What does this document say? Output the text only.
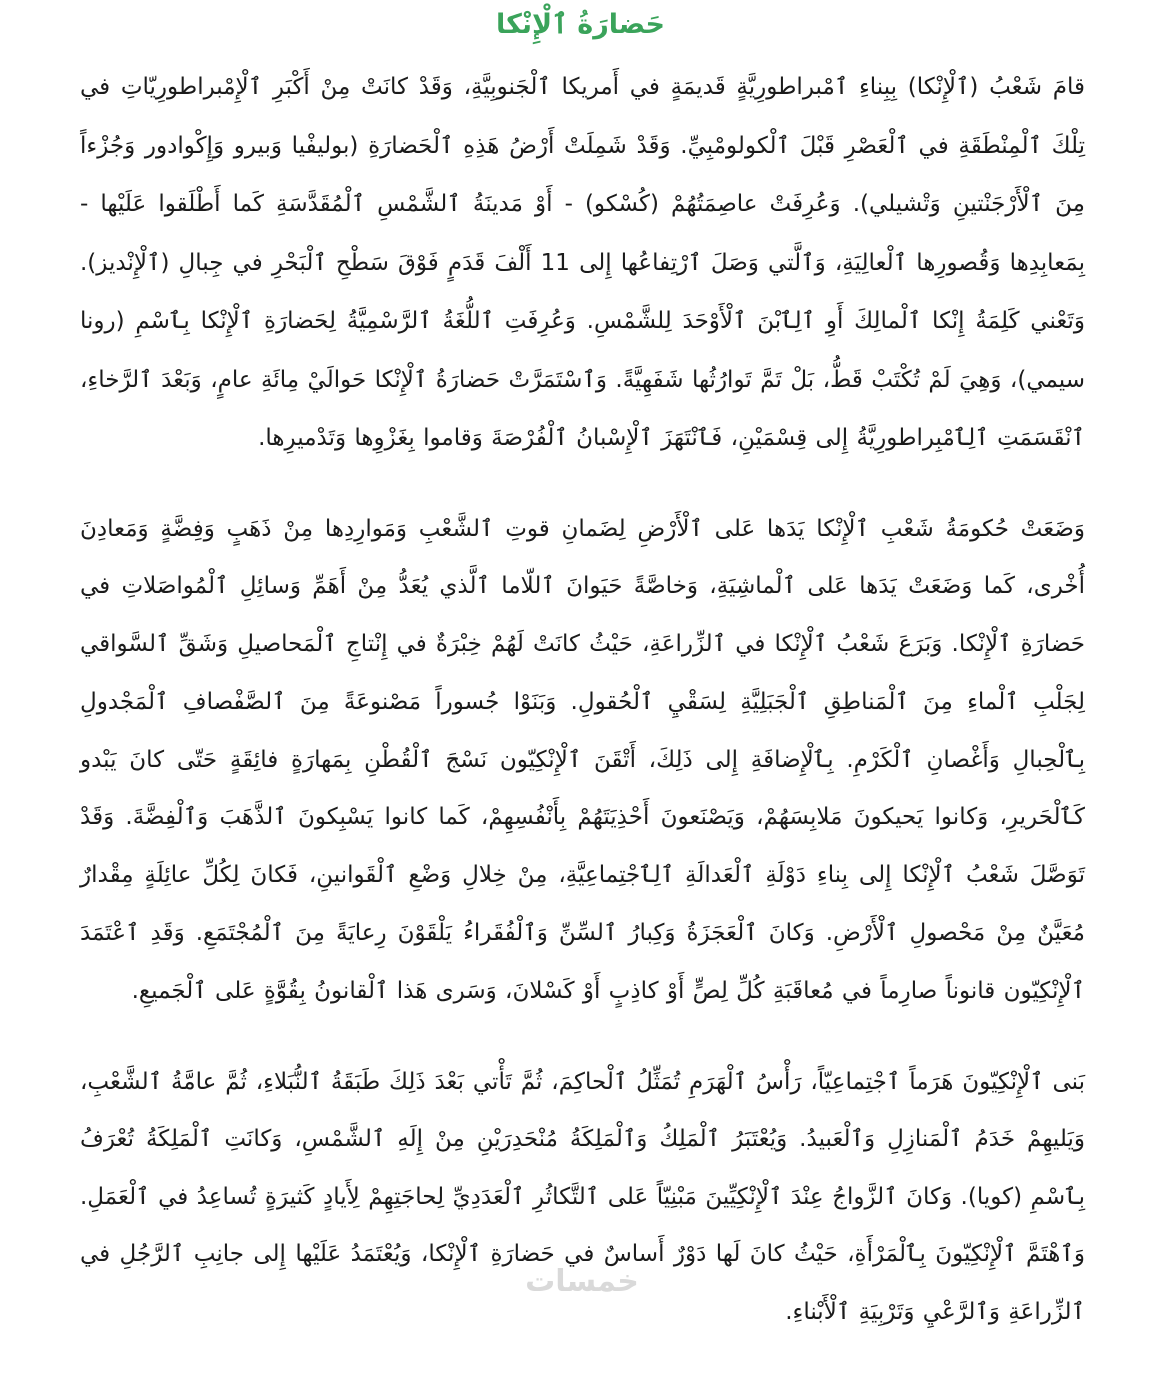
حَضارَةُ ٱلْإِنْكا

قامَ شَعْبُ (ٱلْإِنْكا) بِبِناءِ ٱمْبراطورِيَّةٍ قَديمَةٍ في أَمريكا ٱلْجَنوبِيَّةِ، وَقَدْ كانَتْ مِنْ أَكْبَرِ ٱلْإِمْبراطورِيّاتِ في تِلْكَ ٱلْمِنْطَقَةِ في ٱلْعَصْرِ قَبْلَ ٱلْكولومْبِيِّ. وَقَدْ شَمِلَتْ أَرْضُ هَذِهِ ٱلْحَضارَةِ (بوليفْيا وَبيرو وَإِكْوادور وَجُزْءاً مِنَ ٱلْأَرْجَنْتينِ وَتْشيلي). وَعُرِفَتْ عاصِمَتُهُمْ (كُسْكو) - أَوْ مَدينَةُ ٱلشَّمْسِ ٱلْمُقَدَّسَةِ كَما أَطْلَقوا عَلَيْها - بِمَعابِدِها وَقُصورِها ٱلْعالِيَةِ، وَٱلَّتي وَصَلَ ٱرْتِفاعُها إِلى 11 أَلْفَ قَدَمٍ فَوْقَ سَطْحِ ٱلْبَحْرِ في جِبالِ (ٱلْإِنْديز). وَتَعْني كَلِمَةُ إِنْكا ٱلْمالِكَ أَوِ ٱلِٱبْنَ ٱلْأَوْحَدَ لِلشَّمْسِ. وَعُرِفَتِ ٱللُّغَةُ ٱلرَّسْمِيَّةُ لِحَضارَةِ ٱلْإِنْكا بِٱسْمِ (رونا سيمي)، وَهِيَ لَمْ تُكْتَبْ قَطُّ، بَلْ تَمَّ تَوارُثُها شَفَهِيَّةً. وَٱسْتَمَرَّتْ حَضارَةُ ٱلْإِنْكا حَوالَيْ مِائَةِ عامٍ، وَبَعْدَ ٱلرَّخاءِ، ٱنْقَسَمَتِ ٱلِٱمْبِراطورِيَّةُ إِلى قِسْمَيْنِ، فَٱنْتَهَزَ ٱلْإِسْبانُ ٱلْفُرْصَةَ وَقاموا بِغَزْوِها وَتَدْميرِها.

وَضَعَتْ حُكومَةُ شَعْبِ ٱلْإِنْكا يَدَها عَلى ٱلْأَرْضِ لِضَمانِ قوتِ ٱلشَّعْبِ وَمَوارِدِها مِنْ ذَهَبٍ وَفِضَّةٍ وَمَعادِنَ أُخْرى، كَما وَضَعَتْ يَدَها عَلى ٱلْماشِيَةِ، وَخاصَّةً حَيَوانَ ٱللّاما ٱلَّذي يُعَدُّ مِنْ أَهَمِّ وَسائِلِ ٱلْمُواصَلاتِ في حَضارَةِ ٱلْإِنْكا. وَبَرَعَ شَعْبُ ٱلْإِنْكا في ٱلزِّراعَةِ، حَيْثُ كانَتْ لَهُمْ خِبْرَةٌ في إِنْتاجِ ٱلْمَحاصيلِ وَشَقِّ ٱلسَّواقي لِجَلْبِ ٱلْماءِ مِنَ ٱلْمَناطِقِ ٱلْجَبَلِيَّةِ لِسَقْيِ ٱلْحُقولِ. وَبَنَوْا جُسوراً مَصْنوعَةً مِنَ ٱلصَّفْصافِ ٱلْمَجْدولِ بِٱلْحِبالِ وَأَغْصانِ ٱلْكَرْمِ. بِٱلْإِضافَةِ إِلى ذَلِكَ، أَتْقَنَ ٱلْإِنْكِيّون نَسْجَ ٱلْقُطْنِ بِمَهارَةٍ فائِقَةٍ حَتّى كانَ يَبْدو كَٱلْحَريرِ، وَكانوا يَحيكونَ مَلابِسَهُمْ، وَيَصْنَعونَ أَحْذِيَتَهُمْ بِأَنْفُسِهِمْ، كَما كانوا يَسْبِكونَ ٱلذَّهَبَ وَٱلْفِضَّةَ. وَقَدْ تَوَصَّلَ شَعْبُ ٱلْإِنْكا إِلى بِناءِ دَوْلَةِ ٱلْعَدالَةِ ٱلِٱجْتِماعِيَّةِ، مِنْ خِلالِ وَضْعِ ٱلْقَوانينِ، فَكانَ لِكُلِّ عائِلَةٍ مِقْدارٌ مُعَيَّنٌ مِنْ مَحْصولِ ٱلْأَرْضِ. وَكانَ ٱلْعَجَزَةُ وَكِبارُ ٱلسِّنِّ وَٱلْفُقَراءُ يَلْقَوْنَ رِعايَةً مِنَ ٱلْمُجْتَمَعِ. وَقَدِ ٱعْتَمَدَ ٱلْإِنْكِيّون قانوناً صارِماً في مُعاقَبَةِ كُلِّ لِصٍّ أَوْ كاذِبٍ أَوْ كَسْلانَ، وَسَرى هَذا ٱلْقانونُ بِقُوَّةٍ عَلى ٱلْجَميعِ.

بَنى ٱلْإِنْكِيّونَ هَرَماً ٱجْتِماعِيّاً، رَأْسُ ٱلْهَرَمِ تُمَثِّلُ ٱلْحاكِمَ، ثُمَّ تَأْتي بَعْدَ ذَلِكَ طَبَقَةُ ٱلنُّبَلاءِ، ثُمَّ عامَّةُ ٱلشَّعْبِ، وَيَليهِمْ خَدَمُ ٱلْمَنازِلِ وَٱلْعَبيدُ. وَيُعْتَبَرُ ٱلْمَلِكُ وَٱلْمَلِكَةُ مُنْحَدِرَيْنِ مِنْ إِلَهِ ٱلشَّمْسِ، وَكانَتِ ٱلْمَلِكَةُ تُعْرَفُ بِٱسْمِ (كويا). وَكانَ ٱلزَّواجُ عِنْدَ ٱلْإِنْكِيِّينَ مَبْنِيّاً عَلى ٱلتَّكاثُرِ ٱلْعَدَدِيِّ لِحاجَتِهِمْ لِأَيادٍ كَثيرَةٍ تُساعِدُ في ٱلْعَمَلِ. وَٱهْتَمَّ ٱلْإِنْكِيّونَ بِٱلْمَرْأَةِ، حَيْثُ كانَ لَها دَوْرٌ أَساسٌ في حَضارَةِ ٱلْإِنْكا، وَيُعْتَمَدُ عَلَيْها إِلى جانِبِ ٱلرَّجُلِ في ٱلزِّراعَةِ وَٱلرَّعْيِ وَتَرْبِيَةِ ٱلْأَبْناءِ.

خمسات
